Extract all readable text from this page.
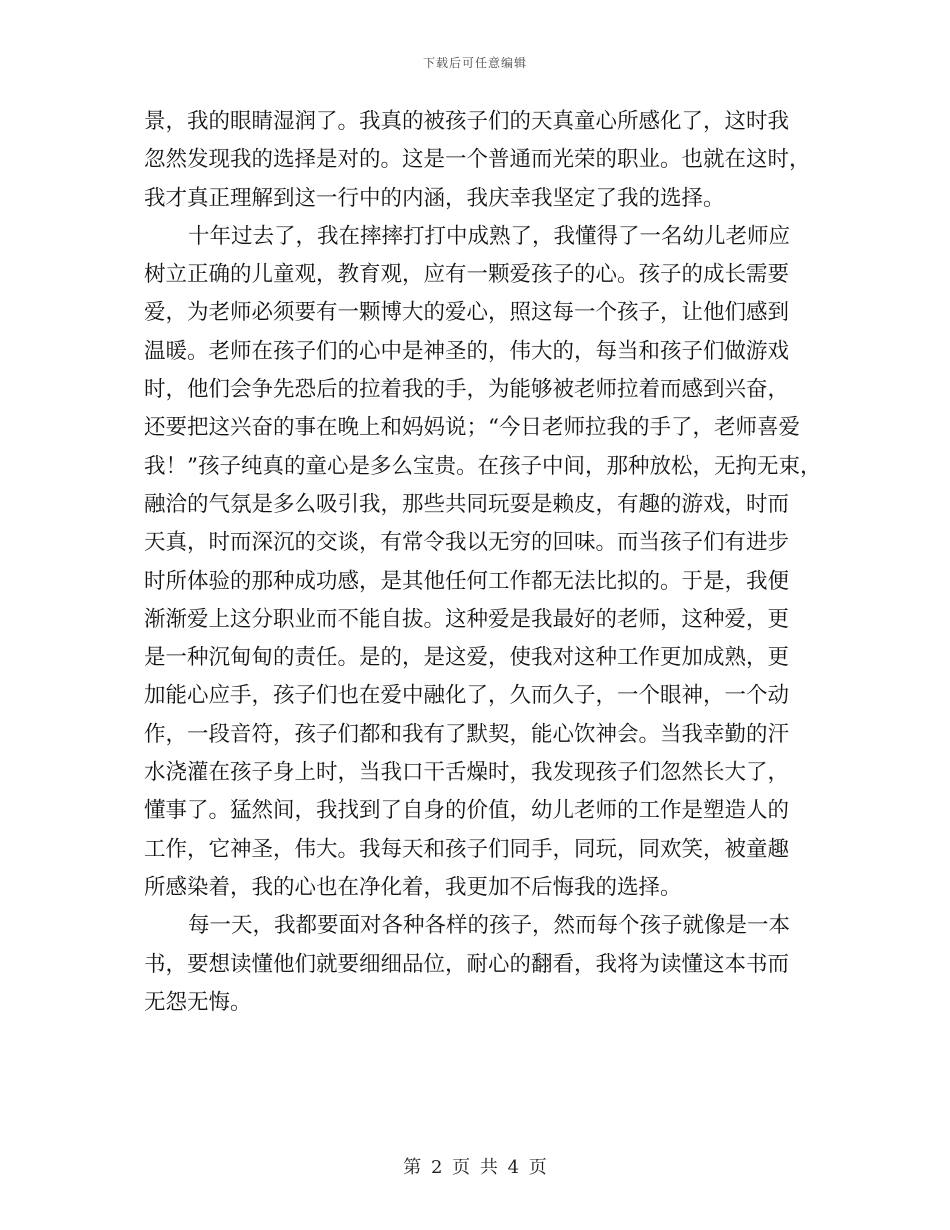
下载后可任意编辑
景，我的眼睛湿润了。我真的被孩子们的天真童心所感化了，这时我
忽然发现我的选择是对的。这是一个普通而光荣的职业。也就在这时，
我才真正理解到这一行中的内涵，我庆幸我坚定了我的选择。
十年过去了，我在摔摔打打中成熟了，我懂得了一名幼儿老师应
树立正确的儿童观，教育观，应有一颗爱孩子的心。孩子的成长需要
爱，为老师必须要有一颗博大的爱心，照这每一个孩子，让他们感到
温暖。老师在孩子们的心中是神圣的，伟大的，每当和孩子们做游戏
时，他们会争先恐后的拉着我的手，为能够被老师拉着而感到兴奋，
还要把这兴奋的事在晚上和妈妈说；“今日老师拉我的手了，老师喜爱
我！”孩子纯真的童心是多么宝贵。在孩子中间，那种放松，无拘无束，
融洽的气氛是多么吸引我，那些共同玩耍是赖皮，有趣的游戏，时而
天真，时而深沉的交谈，有常令我以无穷的回味。而当孩子们有进步
时所体验的那种成功感，是其他任何工作都无法比拟的。于是，我便
渐渐爱上这分职业而不能自拔。这种爱是我最好的老师，这种爱，更
是一种沉甸甸的责任。是的，是这爱，使我对这种工作更加成熟，更
加能心应手，孩子们也在爱中融化了，久而久子，一个眼神，一个动
作，一段音符，孩子们都和我有了默契，能心饮神会。当我幸勤的汗
水浇灌在孩子身上时，当我口干舌燥时，我发现孩子们忽然长大了，
懂事了。猛然间，我找到了自身的价值，幼儿老师的工作是塑造人的
工作，它神圣，伟大。我每天和孩子们同手，同玩，同欢笑，被童趣
所感染着，我的心也在净化着，我更加不后悔我的选择。
每一天，我都要面对各种各样的孩子，然而每个孩子就像是一本
书，要想读懂他们就要细细品位，耐心的翻看，我将为读懂这本书而
无怨无悔。
第 2 页 共 4 页
